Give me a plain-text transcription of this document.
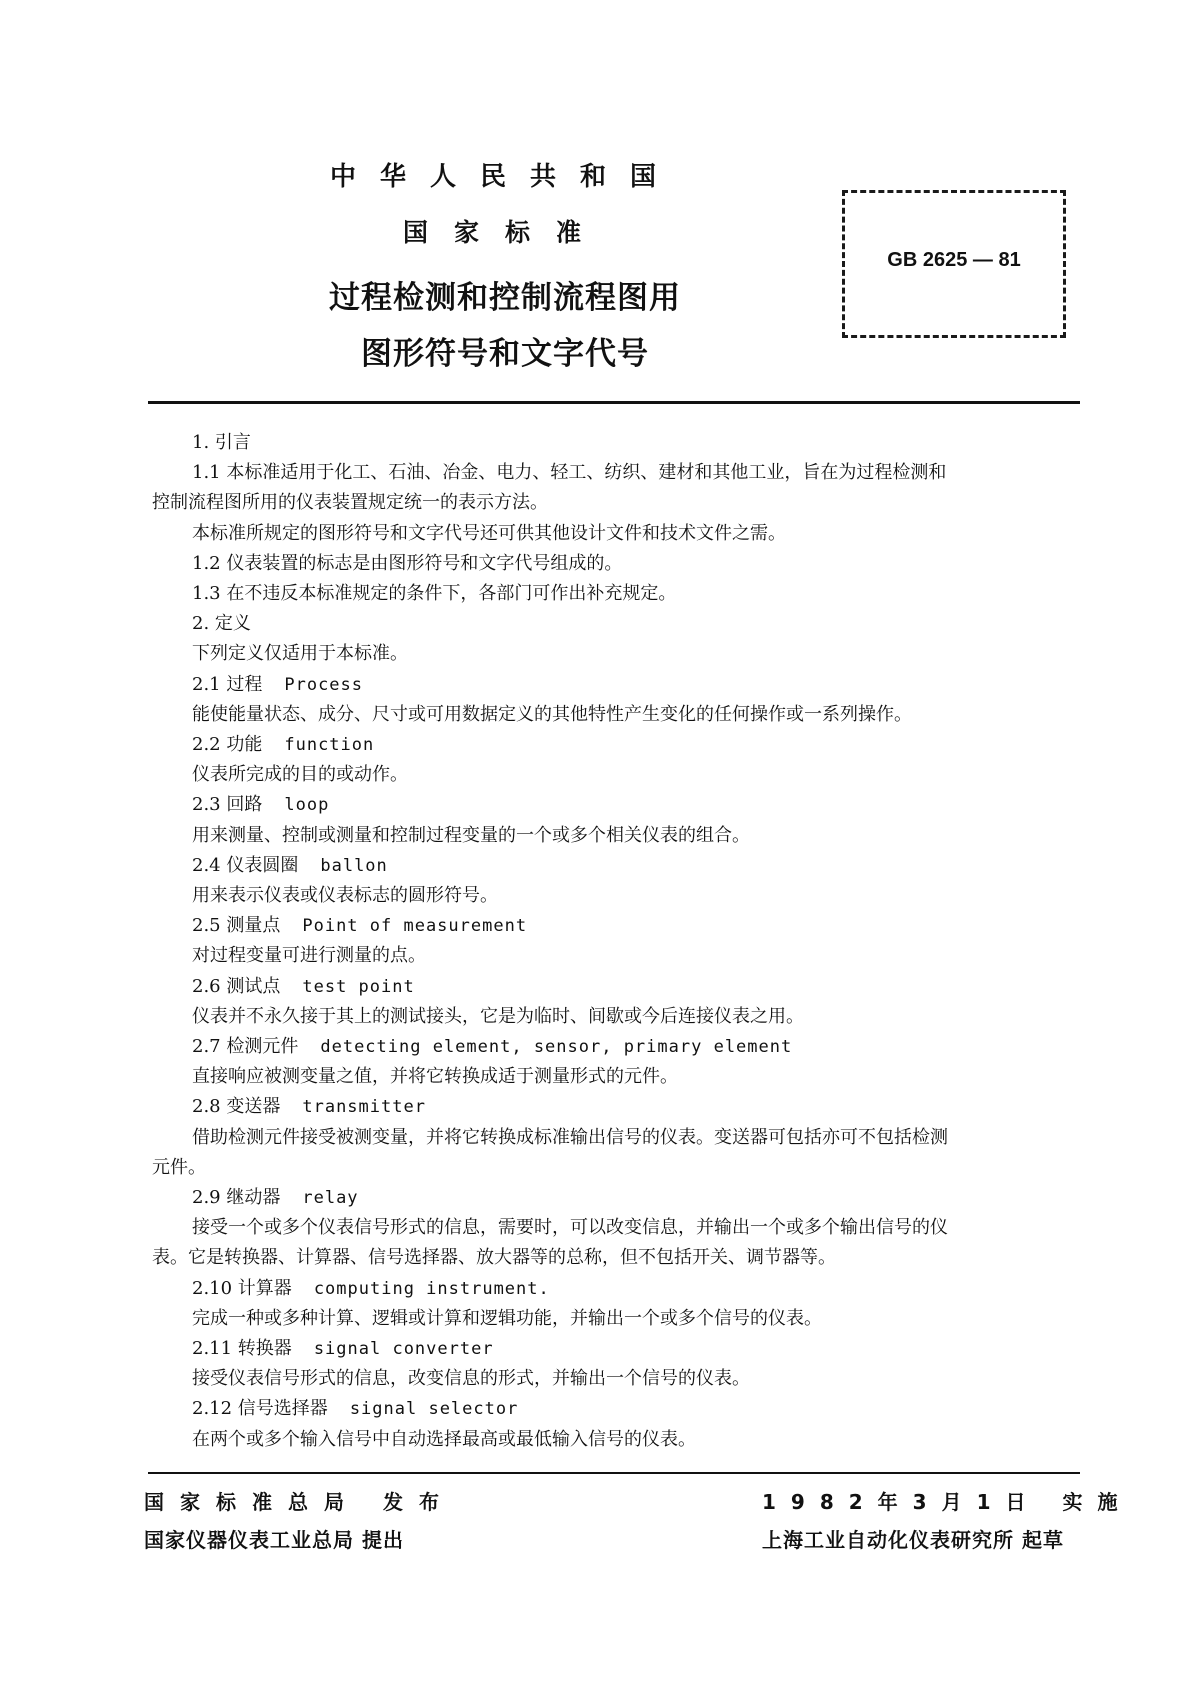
中华人民共和国
国家标准
过程检测和控制流程图用
图形符号和文字代号
GB 2625 — 81
1. 引言
1.1 本标准适用于化工、石油、冶金、电力、轻工、纺织、建材和其他工业，旨在为过程检测和
控制流程图所用的仪表装置规定统一的表示方法。
本标准所规定的图形符号和文字代号还可供其他设计文件和技术文件之需。
1.2 仪表装置的标志是由图形符号和文字代号组成的。
1.3 在不违反本标准规定的条件下，各部门可作出补充规定。
2. 定义
下列定义仅适用于本标准。
2.1 过程 Process
能使能量状态、成分、尺寸或可用数据定义的其他特性产生变化的任何操作或一系列操作。
2.2 功能 function
仪表所完成的目的或动作。
2.3 回路 loop
用来测量、控制或测量和控制过程变量的一个或多个相关仪表的组合。
2.4 仪表圆圈 ballon
用来表示仪表或仪表标志的圆形符号。
2.5 测量点 Point of measurement
对过程变量可进行测量的点。
2.6 测试点 test point
仪表并不永久接于其上的测试接头，它是为临时、间歇或今后连接仪表之用。
2.7 检测元件 detecting element, sensor, primary element
直接响应被测变量之值，并将它转换成适于测量形式的元件。
2.8 变送器 transmitter
借助检测元件接受被测变量，并将它转换成标准输出信号的仪表。变送器可包括亦可不包括检测
元件。
2.9 继动器 relay
接受一个或多个仪表信号形式的信息，需要时，可以改变信息，并输出一个或多个输出信号的仪
表。它是转换器、计算器、信号选择器、放大器等的总称，但不包括开关、调节器等。
2.10 计算器 computing instrument.
完成一种或多种计算、逻辑或计算和逻辑功能，并输出一个或多个信号的仪表。
2.11 转换器 signal converter
接受仪表信号形式的信息，改变信息的形式，并输出一个信号的仪表。
2.12 信号选择器 signal selector
在两个或多个输入信号中自动选择最高或最低输入信号的仪表。
国家标准总局 发布
国家仪器仪表工业总局 提出
1982年3月1日 实施
上海工业自动化仪表研究所 起草
